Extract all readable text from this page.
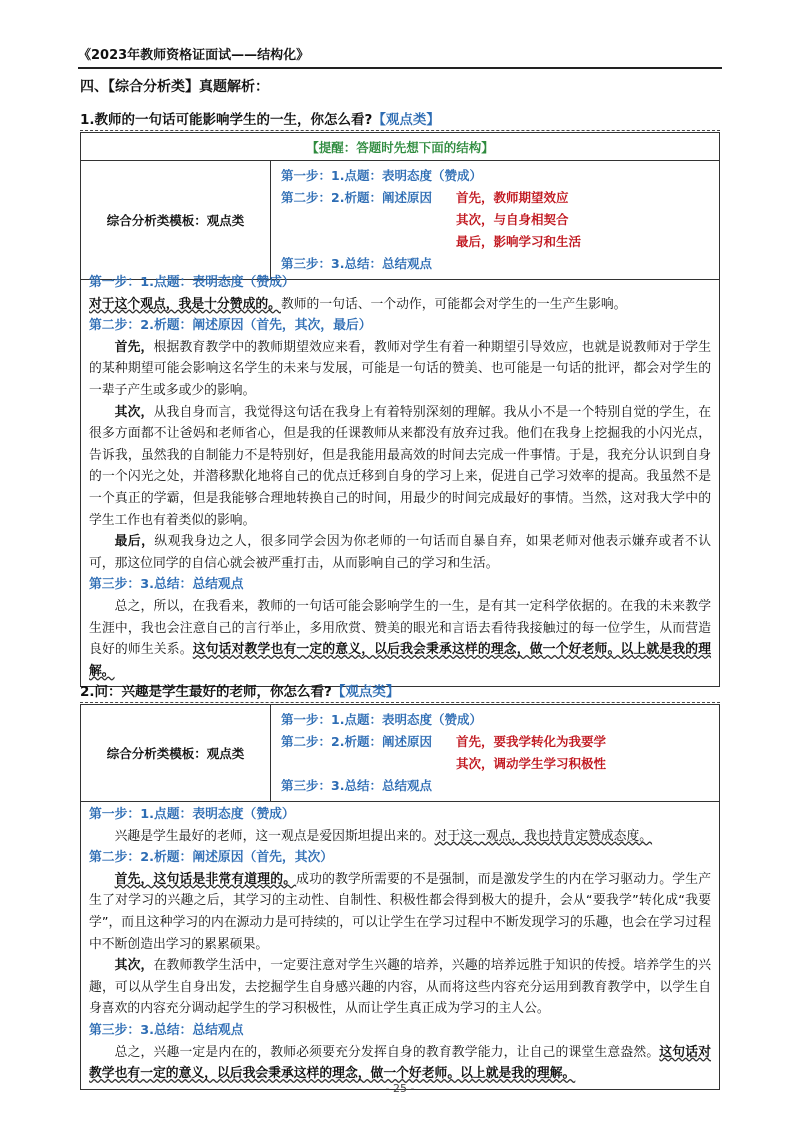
《2023年教师资格证面试——结构化》
四、【综合分析类】真题解析：
1.教师的一句话可能影响学生的一生，你怎么看?【观点类】
【提醒：答题时先想下面的结构】
综合分析类模板：观点类	
第一步：1.点题：表明态度（赞成）
第二步：2.析题：阐述原因	首先，教师期望效应
其次，与自身相契合
最后，影响学习和生活
第三步：3.总结：总结观点
第一步：1.点题：表明态度（赞成）
对于这个观点，我是十分赞成的。教师的一句话、一个动作，可能都会对学生的一生产生影响。
第二步：2.析题：阐述原因（首先，其次，最后）
首先，根据教育教学中的教师期望效应来看，教师对学生有着一种期望引导效应，也就是说教师对于学生的某种期望可能会影响这名学生的未来与发展，可能是一句话的赞美、也可能是一句话的批评，都会对学生的一辈子产生或多或少的影响。
其次，从我自身而言，我觉得这句话在我身上有着特别深刻的理解。我从小不是一个特别自觉的学生，在很多方面都不让爸妈和老师省心，但是我的任课教师从来都没有放弃过我。他们在我身上挖掘我的小闪光点，告诉我，虽然我的自制能力不是特别好，但是我能用最高效的时间去完成一件事情。于是，我充分认识到自身的一个闪光之处，并潜移默化地将自己的优点迁移到自身的学习上来，促进自己学习效率的提高。我虽然不是一个真正的学霸，但是我能够合理地转换自己的时间，用最少的时间完成最好的事情。当然，这对我大学中的学生工作也有着类似的影响。
最后，纵观我身边之人，很多同学会因为你老师的一句话而自暴自弃，如果老师对他表示嫌弃或者不认可，那这位同学的自信心就会被严重打击，从而影响自己的学习和生活。
第三步：3.总结：总结观点
总之，所以，在我看来，教师的一句话可能会影响学生的一生，是有其一定科学依据的。在我的未来教学生涯中，我也会注意自己的言行举止，多用欣赏、赞美的眼光和言语去看待我接触过的每一位学生，从而营造良好的师生关系。这句话对教学也有一定的意义，以后我会秉承这样的理念，做一个好老师。以上就是我的理解。
2.问：兴趣是学生最好的老师，你怎么看?【观点类】
综合分析类模板：观点类	
第一步：1.点题：表明态度（赞成）
第二步：2.析题：阐述原因	首先，要我学转化为我要学
其次，调动学生学习积极性
第三步：3.总结：总结观点
第一步：1.点题：表明态度（赞成）
兴趣是学生最好的老师，这一观点是爱因斯坦提出来的。对于这一观点，我也持肯定赞成态度。
第二步：2.析题：阐述原因（首先，其次）
首先，这句话是非常有道理的。成功的教学所需要的不是强制，而是激发学生的内在学习驱动力。学生产生了对学习的兴趣之后，其学习的主动性、自制性、积极性都会得到极大的提升，会从“要我学”转化成“我要学”，而且这种学习的内在源动力是可持续的，可以让学生在学习过程中不断发现学习的乐趣，也会在学习过程中不断创造出学习的累累硕果。
其次，在教师教学生活中，一定要注意对学生兴趣的培养，兴趣的培养远胜于知识的传授。培养学生的兴趣，可以从学生自身出发，去挖掘学生自身感兴趣的内容，从而将这些内容充分运用到教育教学中，以学生自身喜欢的内容充分调动起学生的学习积极性，从而让学生真正成为学习的主人公。
第三步：3.总结：总结观点
总之，兴趣一定是内在的，教师必须要充分发挥自身的教育教学能力，让自己的课堂生意盎然。这句话对教学也有一定的意义，以后我会秉承这样的理念，做一个好老师。以上就是我的理解。
- 25 -
